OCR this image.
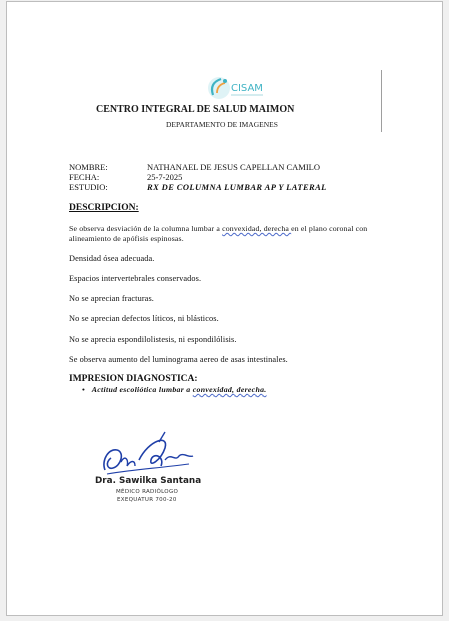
CISAM
CENTRO INTEGRAL DE SALUD MAIMON
DEPARTAMENTO DE IMAGENES
NOMBRE:	NATHANAEL DE JESUS CAPELLAN CAMILO
FECHA:	25-7-2025
ESTUDIO:	RX DE COLUMNA LUMBAR AP Y LATERAL
DESCRIPCION:
Se observa desviación de la columna lumbar a convexidad, derecha en el plano coronal con alineamiento de apófisis espinosas.
Densidad ósea adecuada.
Espacios intervertebrales conservados.
No se aprecian fracturas.
No se aprecian defectos líticos, ni blásticos.
No se aprecia espondilolistesis, ni espondilólisis.
Se observa aumento del luminograma aereo de asas intestinales.
IMPRESION DIAGNOSTICA:
•   Actitud escoliótica lumbar a convexidad, derecha.
Dra. Sawilka Santana
MÉDICO RADIÓLOGO
EXEQUATUR 700-20
